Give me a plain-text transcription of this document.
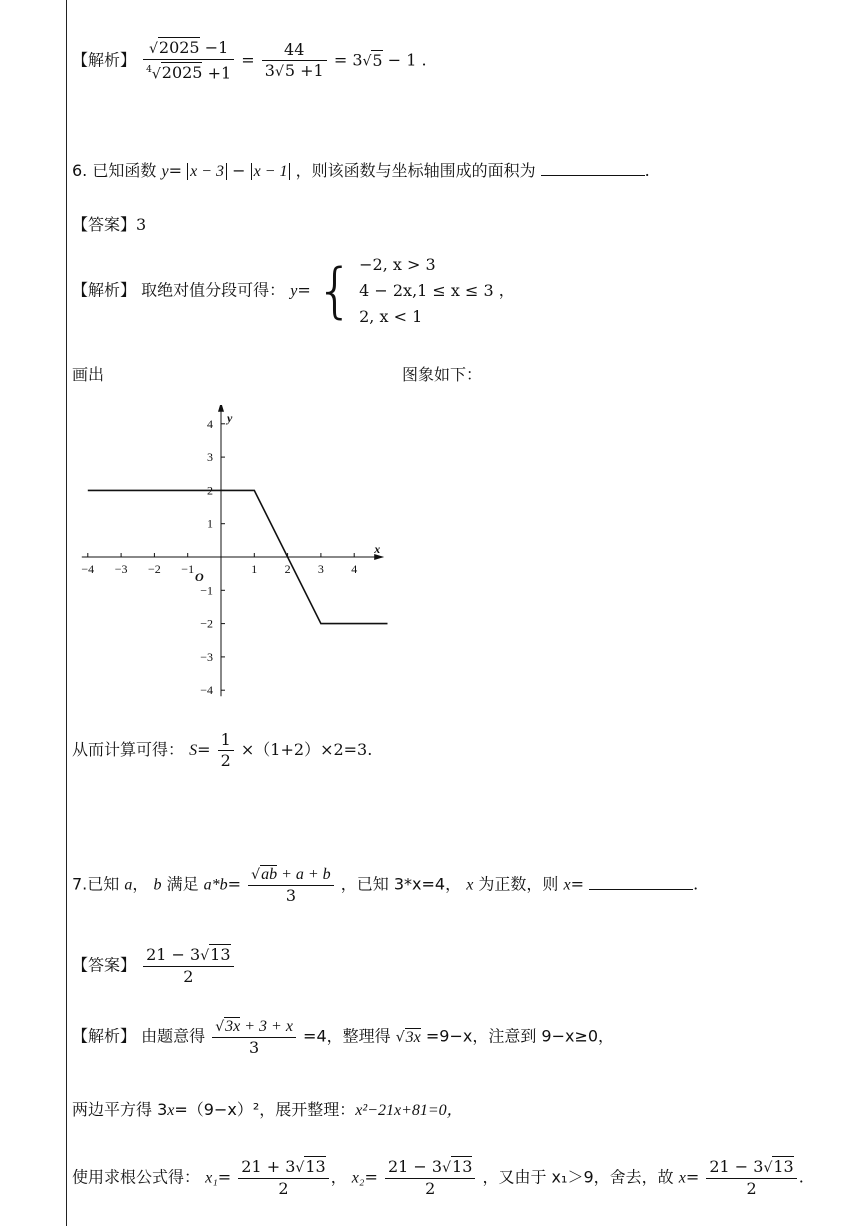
【解析】 $\frac{√2025 -1}{^4√2025 +1} = \frac{44}{3√5 +1} = 3√5 - 1$ .
6. 已知函数 y= x − 3 − x − 1 ，则该函数与坐标轴围成的面积为	.
【答案】3
【解析】 取绝对值分段可得： y= { −2, x > 3
4 − 2x,1 ≤ x ≤ 3
2, x < 1
，
画出	图象如下：
x
y
O
−4 −3 −2 −1	1 2 3 4
−4
−3
−2
−1
1
2
3
4
从而计算可得： $S= \frac{1}{2} \times(1+2)\times 2=3$.
7.已知 a， b 满足 $a*b= \frac{√ab + a + b}{3}$ ，已知 3*x=4， x 为正数，则 x=	.
【答案】 $\frac{21 - 3√13}{2}$
【解析】 由题意得 $\frac{√3x + 3 + x}{3} =4$，整理得 √3x =9−x，注意到 9−x≥0，
两边平方得 3x=（9−x）²，展开整理：x²−21x+81=0，
使用求根公式得： $x_1= \frac{21 + 3√13}{2}$ ， $x_2= \frac{21 - 3√13}{2}$ ，又由于 x₁＞9，舍去，故 $x= \frac{21 - 3√13}{2}$ .
